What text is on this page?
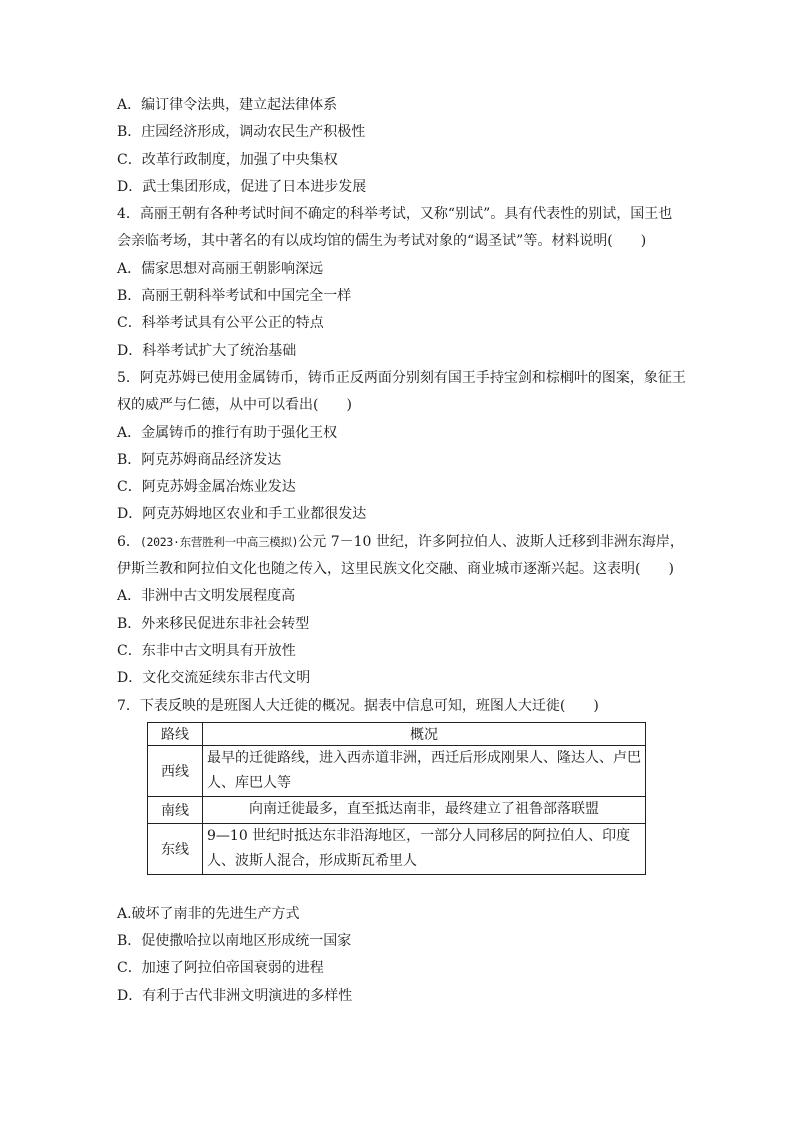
A．编订律令法典，建立起法律体系
B．庄园经济形成，调动农民生产积极性
C．改革行政制度，加强了中央集权
D．武士集团形成，促进了日本进步发展
4．高丽王朝有各种考试时间不确定的科举考试，又称“别试”。具有代表性的别试，国王也
会亲临考场，其中著名的有以成均馆的儒生为考试对象的“谒圣试”等。材料说明(　　)
A．儒家思想对高丽王朝影响深远
B．高丽王朝科举考试和中国完全一样
C．科举考试具有公平公正的特点
D．科举考试扩大了统治基础
5．阿克苏姆已使用金属铸币，铸币正反两面分别刻有国王手持宝剑和棕榈叶的图案，象征王
权的威严与仁德，从中可以看出(　　)
A．金属铸币的推行有助于强化王权
B．阿克苏姆商品经济发达
C．阿克苏姆金属冶炼业发达
D．阿克苏姆地区农业和手工业都很发达
6．(2023·东营胜利一中高三模拟)公元 7－10 世纪，许多阿拉伯人、波斯人迁移到非洲东海岸，
伊斯兰教和阿拉伯文化也随之传入，这里民族文化交融、商业城市逐渐兴起。这表明(　　)
A．非洲中古文明发展程度高
B．外来移民促进东非社会转型
C．东非中古文明具有开放性
D．文化交流延续东非古代文明
7．下表反映的是班图人大迁徙的概况。据表中信息可知，班图人大迁徙(　　)
路线	概况
西线	最早的迁徙路线，进入西赤道非洲，西迁后形成刚果人、隆达人、卢巴人、库巴人等
南线	向南迁徙最多，直至抵达南非，最终建立了祖鲁部落联盟
东线	9—10 世纪时抵达东非沿海地区，一部分人同移居的阿拉伯人、印度人、波斯人混合，形成斯瓦希里人
A.破坏了南非的先进生产方式
B．促使撒哈拉以南地区形成统一国家
C．加速了阿拉伯帝国衰弱的进程
D．有利于古代非洲文明演进的多样性
